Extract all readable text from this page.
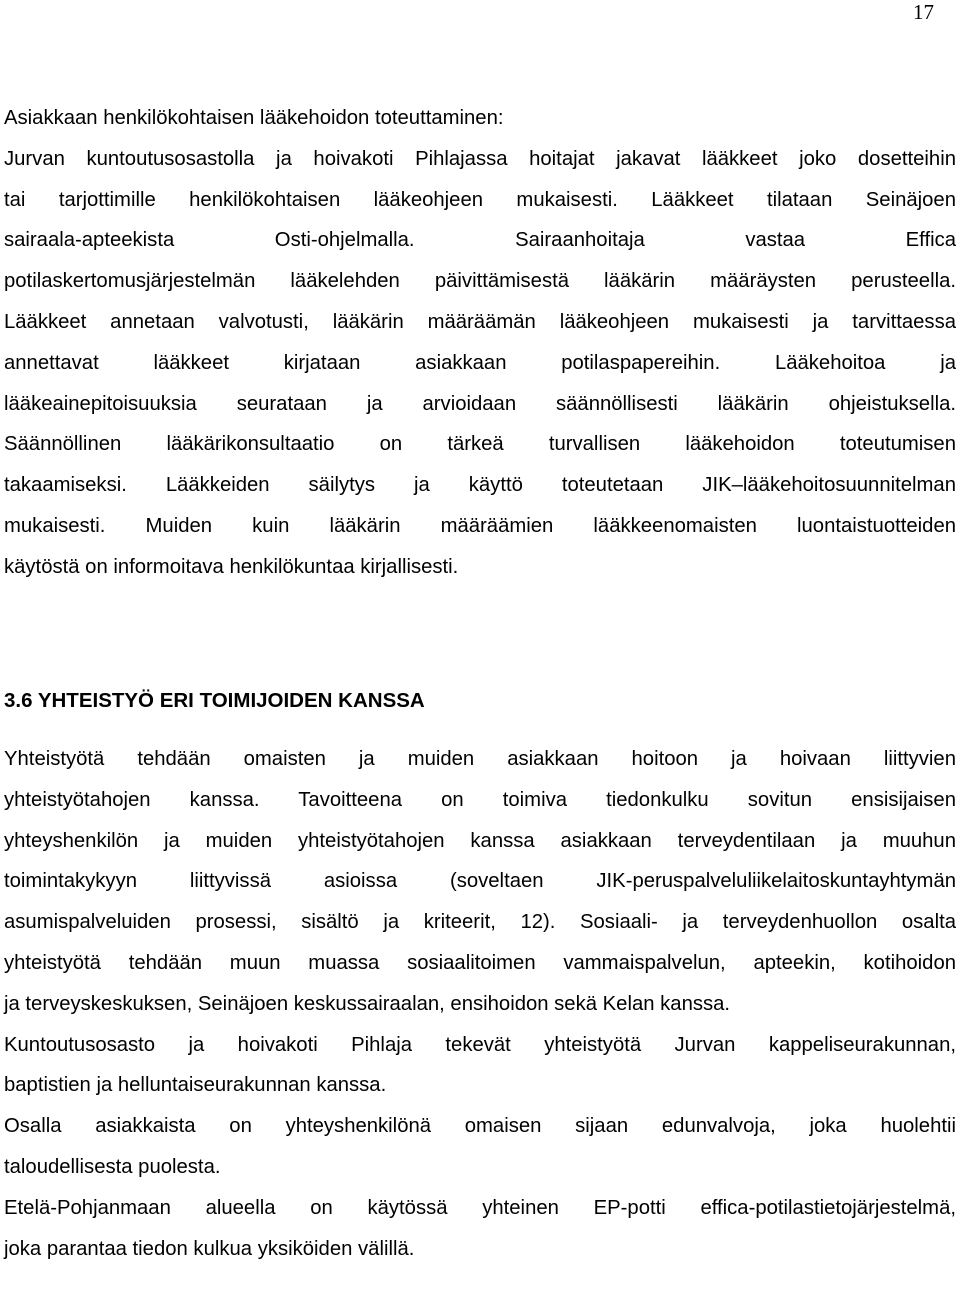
17
Asiakkaan henkilökohtaisen lääkehoidon toteuttaminen:
Jurvan kuntoutusosastolla ja hoivakoti Pihlajassa hoitajat jakavat lääkkeet joko dosetteihin
tai tarjottimille henkilökohtaisen lääkeohjeen mukaisesti. Lääkkeet tilataan Seinäjoen
sairaala-apteekista Osti-ohjelmalla. Sairaanhoitaja vastaa Effica
potilaskertomusjärjestelmän lääkelehden päivittämisestä lääkärin määräysten perusteella.
Lääkkeet annetaan valvotusti, lääkärin määräämän lääkeohjeen mukaisesti ja tarvittaessa
annettavat lääkkeet kirjataan asiakkaan potilaspapereihin. Lääkehoitoa ja
lääkeainepitoisuuksia seurataan ja arvioidaan säännöllisesti lääkärin ohjeistuksella.
Säännöllinen lääkärikonsultaatio on tärkeä turvallisen lääkehoidon toteutumisen
takaamiseksi. Lääkkeiden säilytys ja käyttö toteutetaan JIK–lääkehoitosuunnitelman
mukaisesti. Muiden kuin lääkärin määräämien lääkkeenomaisten luontaistuotteiden
käytöstä on informoitava henkilökuntaa kirjallisesti.
3.6 YHTEISTYÖ ERI TOIMIJOIDEN KANSSA
Yhteistyötä tehdään omaisten ja muiden asiakkaan hoitoon ja hoivaan liittyvien
yhteistyötahojen kanssa. Tavoitteena on toimiva tiedonkulku sovitun ensisijaisen
yhteyshenkilön ja muiden yhteistyötahojen kanssa asiakkaan terveydentilaan ja muuhun
toimintakykyyn liittyvissä asioissa (soveltaen JIK-peruspalveluliikelaitoskuntayhtymän
asumispalveluiden prosessi, sisältö ja kriteerit, 12). Sosiaali- ja terveydenhuollon osalta
yhteistyötä tehdään muun muassa sosiaalitoimen vammaispalvelun, apteekin, kotihoidon
ja terveyskeskuksen, Seinäjoen keskussairaalan, ensihoidon sekä Kelan kanssa.
Kuntoutusosasto ja hoivakoti Pihlaja tekevät yhteistyötä Jurvan kappeliseurakunnan,
baptistien ja helluntaiseurakunnan kanssa.
Osalla asiakkaista on yhteyshenkilönä omaisen sijaan edunvalvoja, joka huolehtii
taloudellisesta puolesta.
Etelä-Pohjanmaan alueella on käytössä yhteinen EP-potti effica-potilastietojärjestelmä,
joka parantaa tiedon kulkua yksiköiden välillä.
